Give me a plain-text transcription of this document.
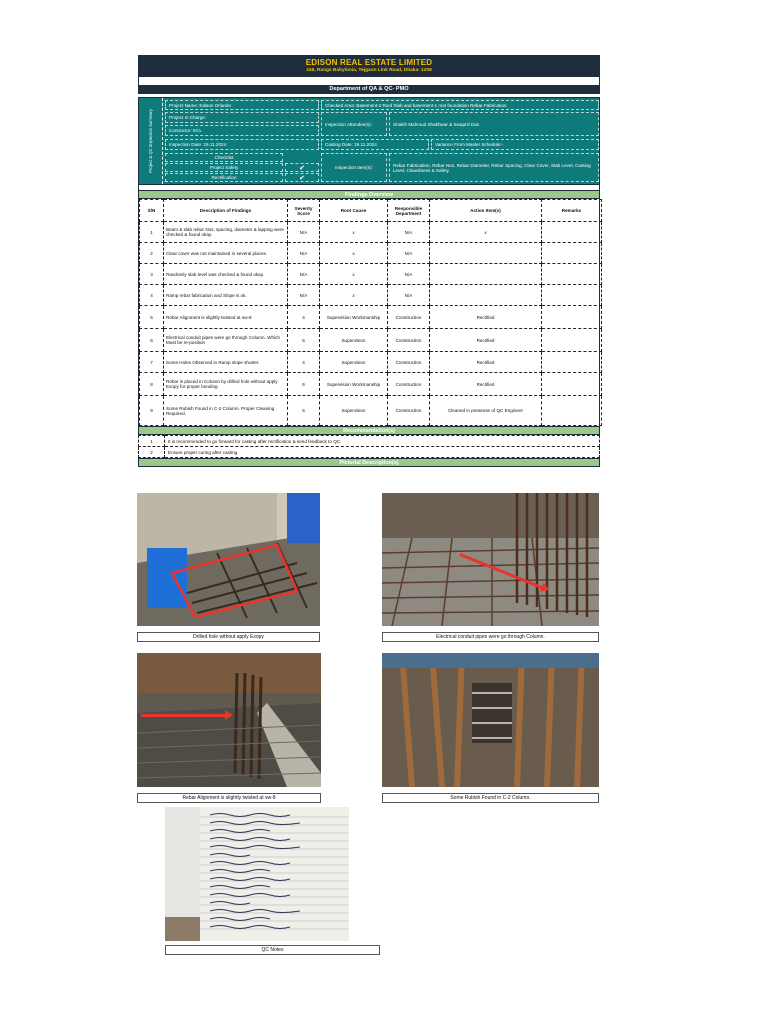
EDISON REAL ESTATE LIMITED
246, Rangs Babylonia, Tejgaon Link Road, Dhaka- 1208
Department of QA & QC- PMO
Project & QC Inspection Summary
Project Name: Edison Orlando	Checked Area: Basement-2 Roof Slab and basement-1 mat foundation Rebar Fabrication
Project In Charge:
Contractor: ECL
Inspection Attendee(s):	Shaikh Mahmud Shakhwar & Swapnil Das
Inspection Date: 19.11.2024	Casting Date: 19.11.2024	Variance From Master Schedule:-
Checklist
Project Safety	✔
Rectification	✔
Inspection Item(s):	Rebar Fabrication, Rebar Nos, Rebar Diameter, Rebar Spacing, Clear Cover, Slab Level, Casting Level, Cleanliness & Safety.
Findings Overview
S/N	Description of Findings	Severity Score	Root Cause	Responsible Department	Action Item(s)	Remarks
1	Beam & slab rebar Nos, spacing, diameter & lapping were checked & found okay.	N/A	x	N/A	x	
2	Clear cover was not maintained in several places.	N/A	x	N/A		
3	Randomly slab level was checked & found okay.	N/A	x	N/A		
4	Ramp rebar fabrication and Slope is ok.	N/A	x	N/A		
5	Rebar Alignment is slightly twisted at sw-8	4	Supervision Workmanship	Construction	Rectified	
6	Electrical conduit pipes were go through Column. Which Must be re-position	5	Supervision	Construction	Rectified	
7	Some Holes Observed in Ramp slope shutter.	4	Supervision	Construction	Rectified	
8	Rebar is placed in Column by drilled hole without apply Exopy for proper bonding	6	Supervision Workmanship	Construction	Rectified	
9	Some Rubish Found in C-2 Column. Proper Cleaning Required.	5	Supervision	Construction	Cleaned in presense of QC Engineer	
Recommendation(s)
1	It is recommended to go forward for casting after rectification & send feedback to QC.
2	Ensure proper curing after casting.
Pictorial Description(s)
Drilled hole without apply Exopy	Electrical conduit pipes were go through Column.
Rebar Alignment is slightly twisted at sw-8	Some Rubish Found in C-2 Column.
QC Notes
